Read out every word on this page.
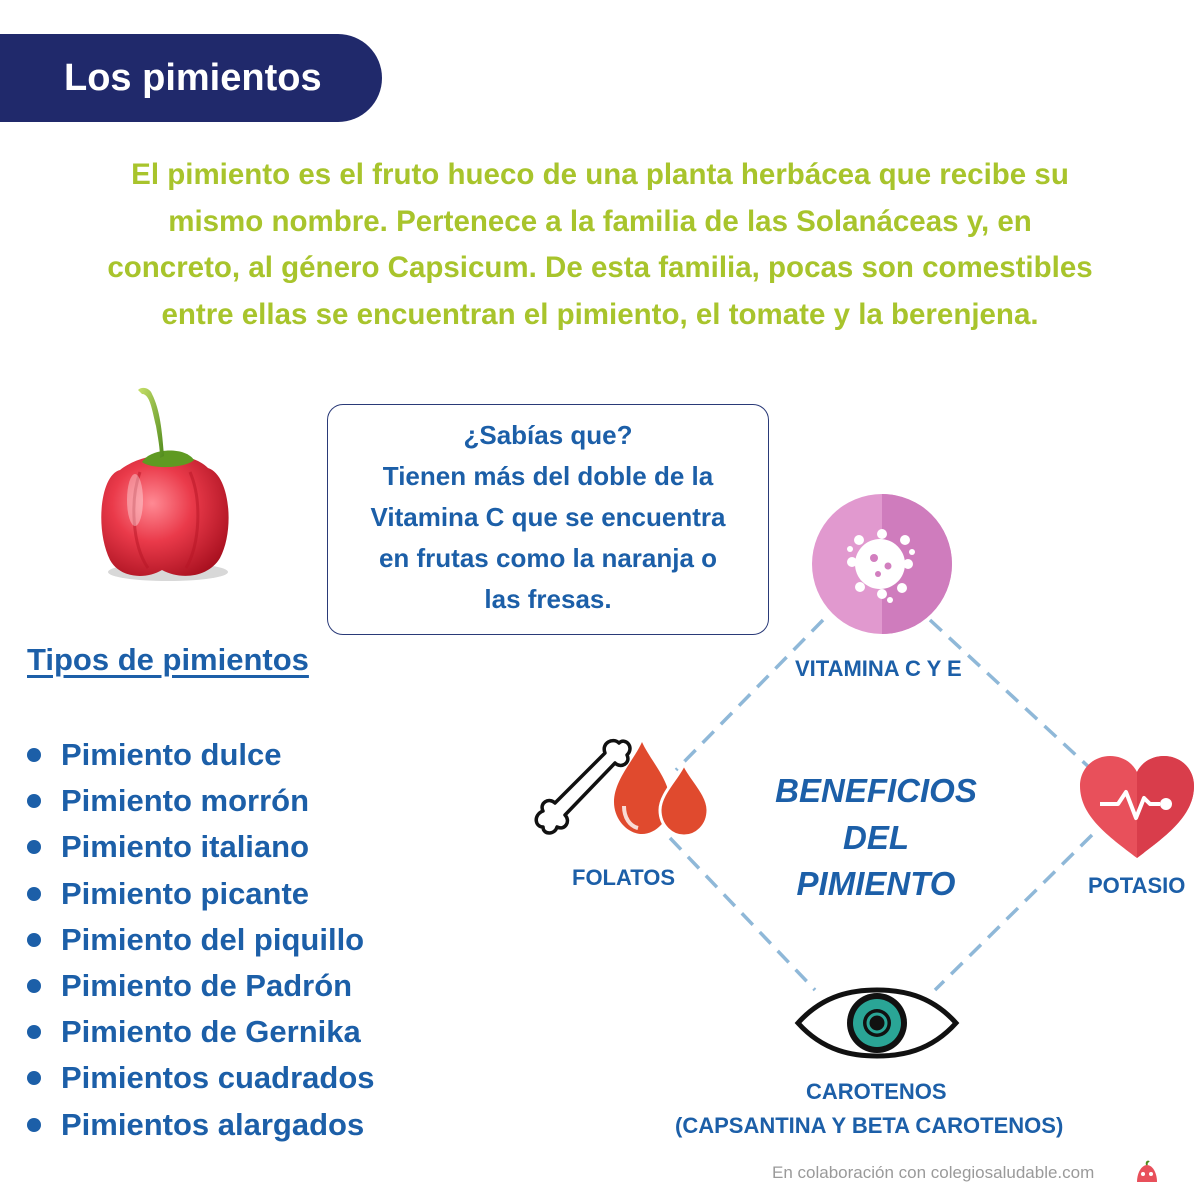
Los pimientos
El pimiento es el fruto hueco de una planta herbácea que recibe su
mismo nombre. Pertenece a la familia de las Solanáceas y, en
concreto, al género Capsicum. De esta familia, pocas son comestibles
entre ellas se encuentran el pimiento, el tomate y la berenjena.
¿Sabías que?
Tienen más del doble de la
Vitamina C que se encuentra
en frutas como la naranja o
las fresas.
Tipos de pimientos
Pimiento dulce
Pimiento morrón
Pimiento italiano
Pimiento picante
Pimiento del piquillo
Pimiento de Padrón
Pimiento de Gernika
Pimientos cuadrados
Pimientos alargados
VITAMINA C Y E
FOLATOS
BENEFICIOS
DEL
PIMIENTO	POTASIO
CAROTENOS
(CAPSANTINA Y BETA CAROTENOS)
En colaboración con colegiosaludable.com
